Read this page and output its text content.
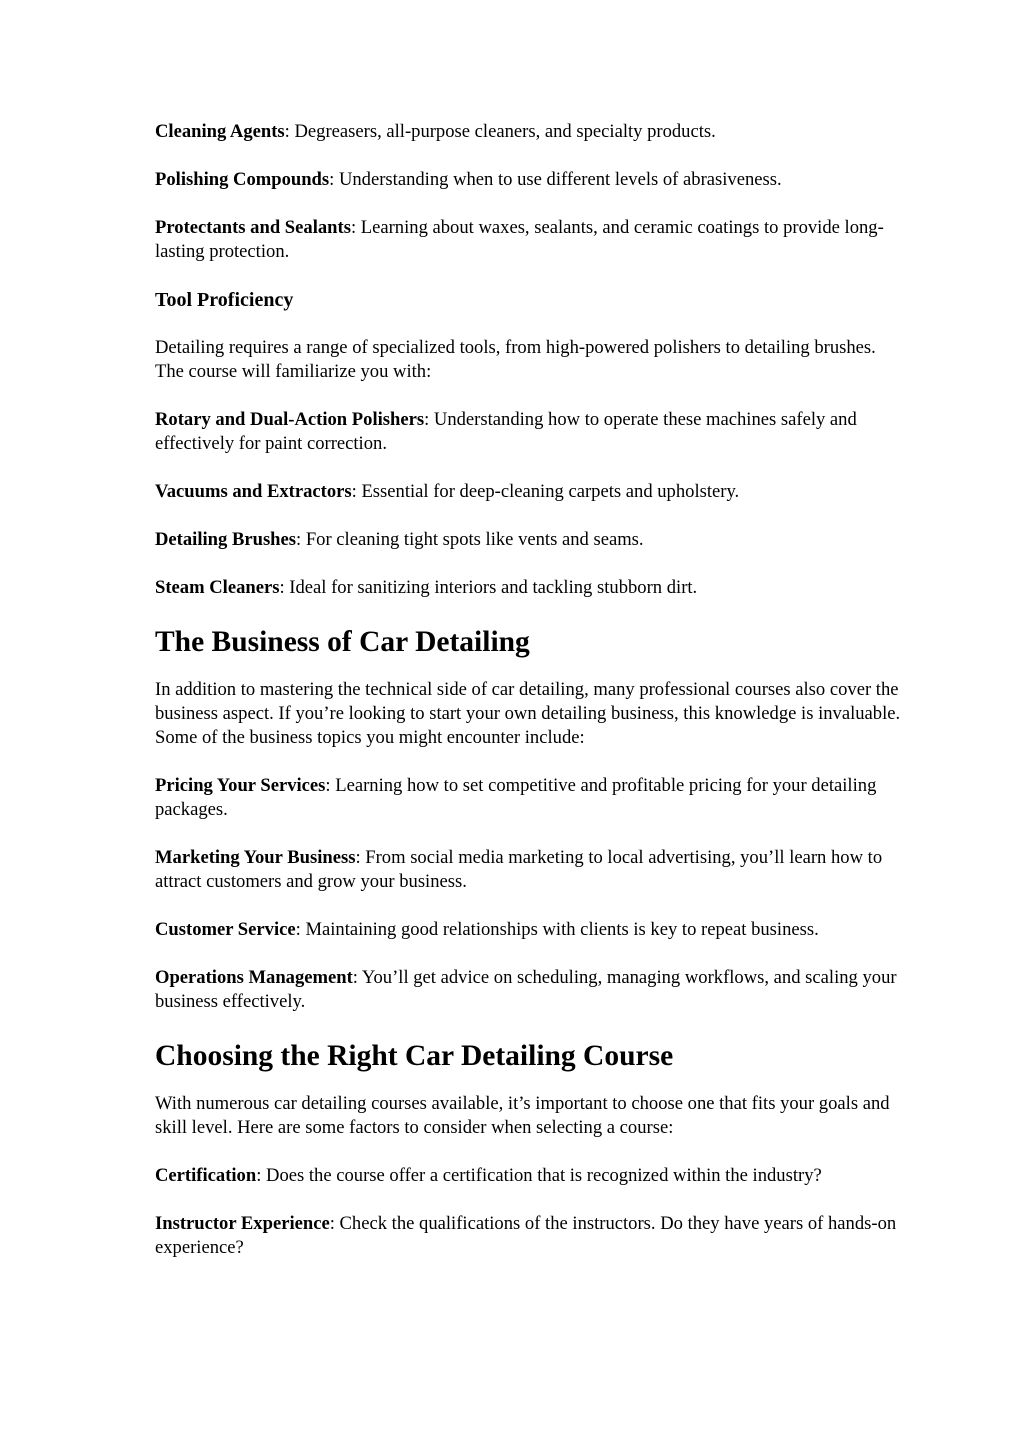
Cleaning Agents: Degreasers, all-purpose cleaners, and specialty products.

Polishing Compounds: Understanding when to use different levels of abrasiveness.

Protectants and Sealants: Learning about waxes, sealants, and ceramic coatings to provide long-lasting protection.

Tool Proficiency

Detailing requires a range of specialized tools, from high-powered polishers to detailing brushes. The course will familiarize you with:

Rotary and Dual-Action Polishers: Understanding how to operate these machines safely and effectively for paint correction.

Vacuums and Extractors: Essential for deep-cleaning carpets and upholstery.

Detailing Brushes: For cleaning tight spots like vents and seams.

Steam Cleaners: Ideal for sanitizing interiors and tackling stubborn dirt.

The Business of Car Detailing

In addition to mastering the technical side of car detailing, many professional courses also cover the business aspect. If you’re looking to start your own detailing business, this knowledge is invaluable. Some of the business topics you might encounter include:

Pricing Your Services: Learning how to set competitive and profitable pricing for your detailing packages.

Marketing Your Business: From social media marketing to local advertising, you’ll learn how to attract customers and grow your business.

Customer Service: Maintaining good relationships with clients is key to repeat business.

Operations Management: You’ll get advice on scheduling, managing workflows, and scaling your business effectively.

Choosing the Right Car Detailing Course

With numerous car detailing courses available, it’s important to choose one that fits your goals and skill level. Here are some factors to consider when selecting a course:

Certification: Does the course offer a certification that is recognized within the industry?

Instructor Experience: Check the qualifications of the instructors. Do they have years of hands-on experience?
